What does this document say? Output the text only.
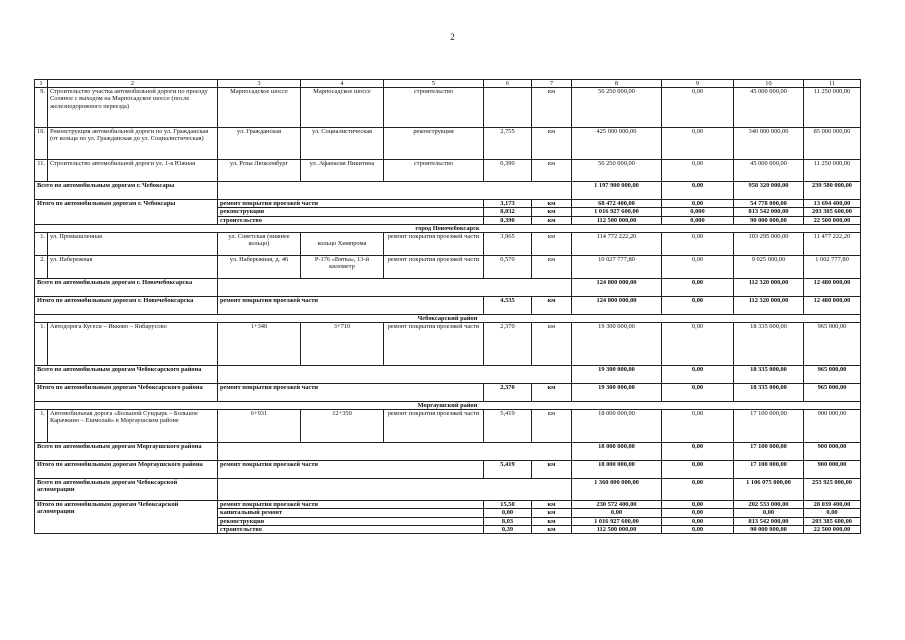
2
1	2	3	4	5	6	7	8	9	10	11
9.	Строительство участка автомобильной дороги по проезду Соляное с выходом на Марпосадское шоссе (после железнодорожного переезда)	Марпосадское шоссе	Марпосадское шоссе	строительство		км	56 250 000,00	0,00	45 000 000,00	11 250 000,00
10.	Реконструкция автомобильной дороги по ул. Гражданская (от кольца по ул. Гражданская до ул. Социалистическая)	ул. Гражданская	ул. Социалистическая	реконструкция	2,755	км	425 000 000,00	0,00	340 000 000,00	85 000 000,00
11.	Строительство автомобильной дороги ул. 1-я Южная	ул. Розы Люксембург	ул. Афанасия Никитина	строительство	0,390	км	56 250 000,00	0,00	45 000 000,00	11 250 000,00
Всего по автомобильным дорогам г. Чебоксары							1 197 900 000,00	0,00	958 320 000,00	239 580 000,00
Итого по автомобильным дорогам г. Чебоксары		ремонт покрытия проезжей части			3,173	км	68 472 400,00	0,00	54 778 000,00	13 694 400,00
		реконструкция			8,032	км	1 016 927 600,00	0,000	813 542 000,00	203 385 600,00
		строительство			0,390	км	112 500 000,00	0,000	90 000 000,00	22 500 000,00
город Новочебоксарск										
1.	ул. Промышленная	ул. Советская (нижнее кольцо)	кольцо Химпрома	ремонт покрытия проезжей части	3,965	км	114 772 222,20	0,00	103 295 000,00	11 477 222,20
2.	ул. Набережная	ул. Набережная, д. 46	Р-176 «Вятка», 13-й километр	ремонт покрытия проезжей части	0,570	км	10 027 777,80	0,00	9 025 000,00	1 002 777,80
Всего по автомобильным дорогам г. Новочебоксарска							124 800 000,00	0,00	112 320 000,00	12 480 000,00
Итого по автомобильным дорогам г. Новочебоксарска		ремонт покрытия проезжей части			4,535	км	124 800 000,00	0,00	112 320 000,00	12 480 000,00
Чебоксарский район										
1.	Автодорога Кугеси – Икково – Янбарусово	1+340	3+710	ремонт покрытия проезжей части	2,370	км	19 300 000,00	0,00	18 335 000,00	965 000,00
Всего по автомобильным дорогам Чебоксарского района							19 300 000,00	0,00	18 335 000,00	965 000,00
Итого по автомобильным дорогам Чебоксарского района		ремонт покрытия проезжей части			2,370	км	19 300 000,00	0,00	18 335 000,00	965 000,00
Моргаушский район										
1.	Автомобильная дорога «Большой Сундырь – Большое Карачкино – Ешмолай» в Моргаушском районе	6+931	12+350	ремонт покрытия проезжей части	5,419	км	18 000 000,00	0,00	17 100 000,00	900 000,00
Всего по автомобильным дорогам Моргаушского района							18 000 000,00	0,00	17 100 000,00	900 000,00
Итого по автомобильным дорогам Моргаушского района		ремонт покрытия проезжей части			5,419	км	18 000 000,00	0,00	17 100 000,00	900 000,00
Всего по автомобильным дорогам Чебоксарской агломерации							1 360 000 000,00	0,00	1 106 075 000,00	253 925 000,00
Итого по автомобильным дорогам Чебоксарской агломерации		ремонт покрытия проезжей части			15,50	км	230 572 400,00	0,00	202 533 000,00	28 039 400,00
		капитальный ремонт			0,00	км	0,00	0,00	0,00	0,00
		реконструкция			8,03	км	1 016 927 600,00	0,00	813 542 000,00	203 385 600,00
		строительство			0,39	км	112 500 000,00	0,00	90 000 000,00	22 500 000,00
